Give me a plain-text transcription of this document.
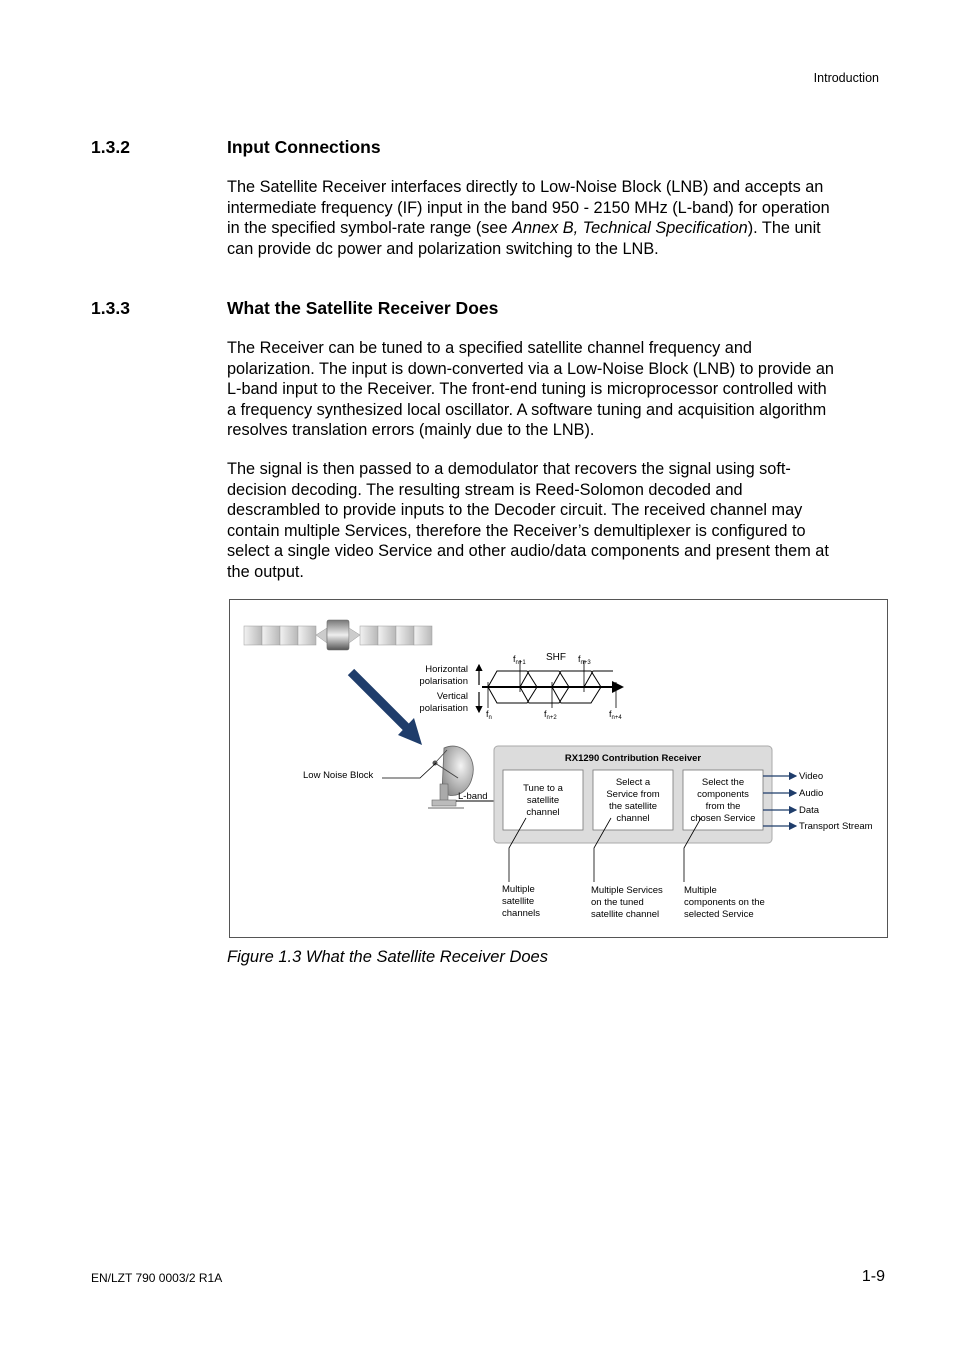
Introduction
1.3.2	Input Connections
The Satellite Receiver interfaces directly to Low-Noise Block (LNB) and accepts an
intermediate frequency (IF) input in the band 950 - 2150 MHz (L-band) for operation
in the specified symbol-rate range (see Annex B, Technical Specification). The unit
can provide dc power and polarization switching to the LNB.
1.3.3	What the Satellite Receiver Does
The Receiver can be tuned to a specified satellite channel frequency and
polarization. The input is down-converted via a Low-Noise Block (LNB) to provide an
L-band input to the Receiver. The front-end tuning is microprocessor controlled with
a frequency synthesized local oscillator. A software tuning and acquisition algorithm
resolves translation errors (mainly due to the LNB).
The signal is then passed to a demodulator that recovers the signal using soft-
decision decoding. The resulting stream is Reed-Solomon decoded and
descrambled to provide inputs to the Decoder circuit. The received channel may
contain multiple Services, therefore the Receiver’s demultiplexer is configured to
select a single video Service and other audio/data components and present them at
the output.
Horizontal
polarisation
Vertical
polarisation
SHF
$f_{n+1}$	$f_{n+3}$
$f_n$	$f_{n+2}$	$f_{n+4}$
Low Noise Block
L-band
RX1290 Contribution Receiver
Tune to a
satellite
channel
Select a
Service from
the satellite
channel
Select the
components
from the
chosen Service
Video
Audio
Data
Transport Stream
Multiple
satellite
channels
Multiple Services
on the tuned
satellite channel
Multiple
components on the
selected Service
Figure 1.3 What the Satellite Receiver Does
EN/LZT 790 0003/2 R1A	1-9
